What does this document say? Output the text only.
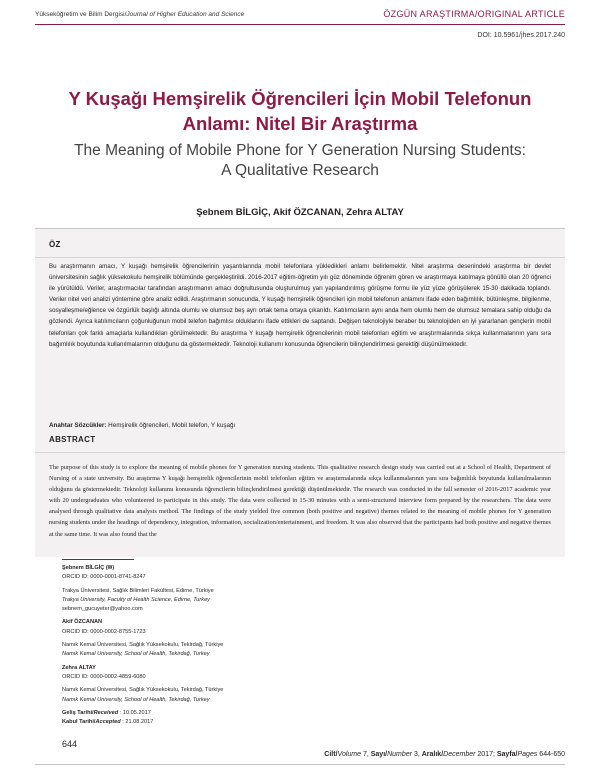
Yükseköğretim ve Bilim Dergisi/Journal of Higher Education and Science	ÖZGÜN ARAŞTIRMA/ORIGINAL ARTICLE
DOI: 10.5961/jhes.2017.240
Y Kuşağı Hemşirelik Öğrencileri İçin Mobil Telefonun
Anlamı: Nitel Bir Araştırma
The Meaning of Mobile Phone for Y Generation Nursing Students:
A Qualitative Research
Şebnem BİLGİÇ, Akif ÖZCANAN, Zehra ALTAY
ÖZ
Bu araştırmanın amacı, Y kuşağı hemşirelik öğrencilerinin yaşantılarında mobil telefonlara yükledikleri anlamı belirlemektir. Nitel araştırma desenindeki araştırma bir devlet üniversitesinin sağlık yüksekokulu hemşirelik bölümünde gerçekleştirildi. 2016-2017 eğitim-öğretim yılı güz döneminde öğrenim gören ve araştırmaya katılmaya gönüllü olan 20 öğrenci ile yürütüldü. Veriler, araştırmacılar tarafından araştırmanın amacı doğrultusunda oluşturulmuş yarı yapılandırılmış görüşme formu ile yüz yüze görüşülerek 15-30 dakikada toplandı. Veriler nitel veri analizi yöntemine göre analiz edildi. Araştırmanın sonucunda, Y kuşağı hemşirelik öğrencileri için mobil telefonun anlamını ifade eden bağımlılık, bütünleşme, bilgilenme, sosyalleşme/eğlence ve özgürlük başlığı altında olumlu ve olumsuz beş ayrı ortak tema ortaya çıkarıldı. Katılımcıların aynı anda hem olumlu hem de olumsuz temalara sahip olduğu da gözlendi. Ayrıca katılımcıların çoğunluğunun mobil telefon bağımlısı olduklarını ifade ettikleri de saptandı. Değişen teknolojiyle beraber bu teknolojiden en iyi yararlanan gençlerin mobil telefonları çok farklı amaçlarla kullandıkları görülmektedir. Bu araştırma Y kuşağı hemşirelik öğrencilerinin mobil telefonları eğitim ve araştırmalarında sıkça kullanmalarının yanı sıra bağımlılık boyutunda kullanılmalarının olduğunu da göstermektedir. Teknoloji kullanımı konusunda öğrencilerin bilinçlendirilmesi gerektiği düşünülmektedir.
Anahtar Sözcükler: Hemşirelik öğrencileri, Mobil telefon, Y kuşağı
ABSTRACT
The purpose of this study is to explore the meaning of mobile phones for Y generation nursing students. This qualitative research design study was carried out at a School of Health, Department of Nursing of a state university. Bu araştırma Y kuşağı hemşirelik öğrencilerinin mobil telefonları eğitim ve araştırmalarında sıkça kullanmalarının yanı sıra bağımlılık boyutunda kullanılmalarının olduğunu da göstermektedir. Teknoloji kullanımı konusunda öğrencilerin bilinçlendirilmesi gerektiği düşünülmektedir. The research was conducted in the fall semester of 2016-2017 academic year with 20 undergraduates who volunteered to participate in this study. The data were collected in 15-30 minutes with a semi-structured interview form prepared by the researchers. The data were analysed through qualitative data analysis method. The findings of the study yielded five common (both positive and negative) themes related to the meaning of mobile phones for Y generation nursing students under the headings of dependency, integration, information, socialization/entertainment, and freedom. It was also observed that the participants had both positive and negative themes at the same time. It was also found that the
Şebnem BİLGİÇ (✉)
ORCID ID: 0000-0001-8741-8247
Trakya Üniversitesi, Sağlık Bilimleri Fakültesi, Edirne, Türkiye
Trakya University, Faculty of Health Science, Edirne, Turkey
sebnem_gucuyeter@yahoo.com
Akif ÖZCANAN
ORCID ID: 0000-0002-8755-1723
Namık Kemal Üniversitesi, Sağlık Yüksekokulu, Tekirdağ, Türkiye
Namık Kemal University, School of Health, Tekirdağ, Turkey
Zehra ALTAY
ORCID ID: 0000-0002-4859-6080
Namık Kemal Üniversitesi, Sağlık Yüksekokulu, Tekirdağ, Türkiye
Namık Kemal University, School of Health, Tekirdağ, Turkey
Geliş Tarihi/Received : 10.05.2017
Kabul Tarihi/Accepted : 21.08.2017
644
Cilt/Volume 7, Sayı/Number 3, Aralık/December 2017; Sayfa/Pages 644-650
